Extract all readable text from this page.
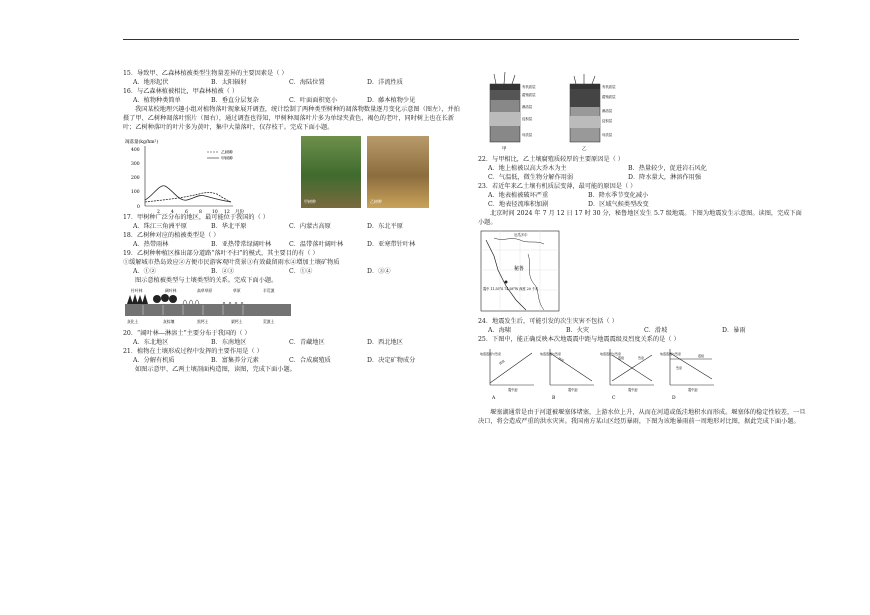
15．导致甲、乙森林植被类型生物量差异的主要因素是（ ）

A．地形起伏	B．太阳辐射	C．海陆位置	D．洋流性质

16．与乙森林植被相比，甲森林植被（ ）

A．植物种类简单	B．垂直分层复杂	C．叶面面积宽小	D．藤本植物少见

我国某校地理兴趣小组对植物落叶现象展开调查，统计绘制了两种类型树种的凋落物数量逐月变化示意图（图左），并拍摄了甲、乙树种凋落叶照片（图右），通过调查也得知，甲树种凋落叶片多为单绿夹黄色、褐色的老叶，同时树上也在长新叶；乙树种落叶的叶片多为黄叶，集中大量落叶，仅存枝干。完成下面小题。

凋落量(kg/hm²)
400
300
200
100
0
2 4 6 8 10 12 月份
乙树种
甲树种
甲树种	乙树种

17．甲树种广泛分布的地区，最可能位于我国的（ ）

A．珠江三角洲平原	B．华北平原	C．内蒙古高原	D．东北平原

18．乙树种对应的植被类型是（ ）

A．热带雨林	B．亚热带常绿阔叶林	C．温带落叶阔叶林	D．亚寒带针叶林

19．乙树种种植区推出部分道路“落叶不扫”的模式，其主要目的有（ ）

①缓解城市热岛效应②方便市民游客观叶赏景③有效截留雨水④增加土壤矿物质

A．①②	B．②③	C．①④	D．③④

图示意植被类型与土壤类型的关系。完成下面小题。

针叶林	阔叶林	高草草原	草原	半荒漠
灰化土	灰棕壤	黑钙土	栗钙土	荒漠土

20．“阔叶林—淋溶土”主要分布于我国的（ ）

A．东北地区	B．东南地区	C．青藏地区	D．西北地区

21．植物在土壤形成过程中发挥的主要作用是（ ）

A．分解有机质	B．富集养分元素	C．合成腐殖质	D．决定矿物成分

如图示意甲、乙两土壤剖面构造图，读图，完成下面小题。

有机质层
腐殖质层
淋溶层
淀积层
母质层
甲
有机质层
腐殖质层
淋溶层
淀积层
母质层
乙

22．与甲相比，乙土壤腐殖质较厚的主要原因是（ ）

A．地上植被以高大乔木为主	B．热量较少，促进岩石风化
C．气温低，微生物分解作用弱	D．降水量大，淋溶作用强

23．若近年来乙土壤有机质层变薄，最可能的原因是（ ）

A．地表植被破坏严重	B．降水季节变化减小
C．地表径流堆积加剧	D．区域气候类型改变

北京时间 2024 年 7 月 12 日 17 时 30 分，秘鲁地区发生 5.7 级地震。下图为地震发生示意图。读图，完成下面小题。

厄瓜多尔
秘鲁
震中 11.55°S 74.58°W 深度 20 千米

24．地震发生后，可能引发的次生灾害不包括（ ）

A．海啸	B．火灾	C．滑坡	D．暴雨

25．下图中，能正确反映本次地震震中距与地震震级及烈度关系的是（ ）

地震震级与烈度
震级
震中距
A
地震震级与烈度
烈度
震中距
B
地震震级与烈度
震级	烈度
震中距
C
地震震级与烈度	震级
烈度
震中距
D

堰塞湖通常是由于河道被堰塞体堵塞，上游水位上升，从而在河道或低洼地积水而形成。堰塞体的稳定性较差，一旦决口，将会造成严重的洪水灾害。我国南方某山区经历暴雨，下图为该地暴雨前一周地形对比图，据此完成下面小题。
